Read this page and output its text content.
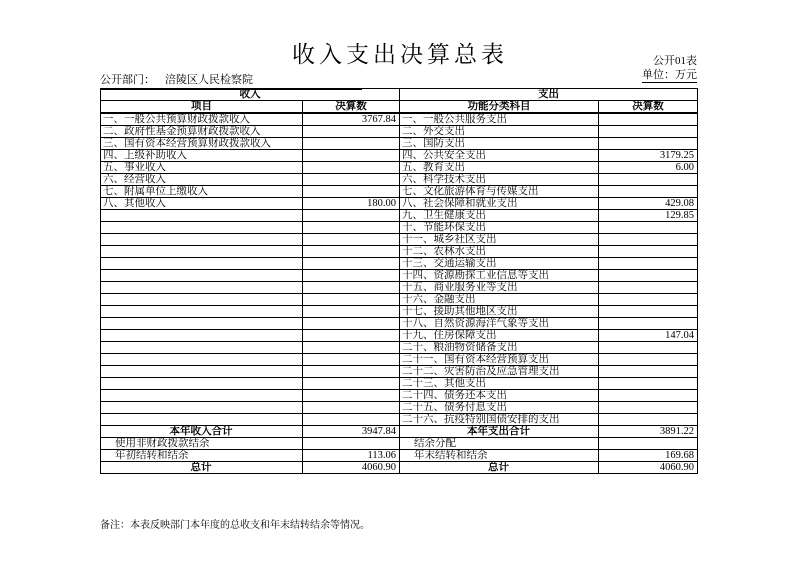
收入支出决算总表	公开01表
单位：万元
公开部门： 涪陵区人民检察院
收入		支出	
项目	决算数	功能分类科目	决算数
一、一般公共预算财政拨款收入	3767.84	一、一般公共服务支出	
二、政府性基金预算财政拨款收入		二、外交支出	
三、国有资本经营预算财政拨款收入		三、国防支出	
四、上级补助收入		四、公共安全支出	3179.25
五、事业收入		五、教育支出	6.00
六、经营收入		六、科学技术支出	
七、附属单位上缴收入		七、文化旅游体育与传媒支出	
八、其他收入	180.00	八、社会保障和就业支出	429.08
		九、卫生健康支出	129.85
		十、节能环保支出	
		十一、城乡社区支出	
		十二、农林水支出	
		十三、交通运输支出	
		十四、资源勘探工业信息等支出	
		十五、商业服务业等支出	
		十六、金融支出	
		十七、援助其他地区支出	
		十八、自然资源海洋气象等支出	
		十九、住房保障支出	147.04
		二十、粮油物资储备支出	
		二十一、国有资本经营预算支出	
		二十二、灾害防治及应急管理支出	
		二十三、其他支出	
		二十四、债务还本支出	
		二十五、债务付息支出	
		二十六、抗疫特别国债安排的支出	
本年收入合计	3947.84	本年支出合计	3891.22
使用非财政拨款结余		结余分配	
年初结转和结余	113.06	年末结转和结余	169.68
总计	4060.90	总计	4060.90
备注：本表反映部门本年度的总收支和年末结转结余等情况。
